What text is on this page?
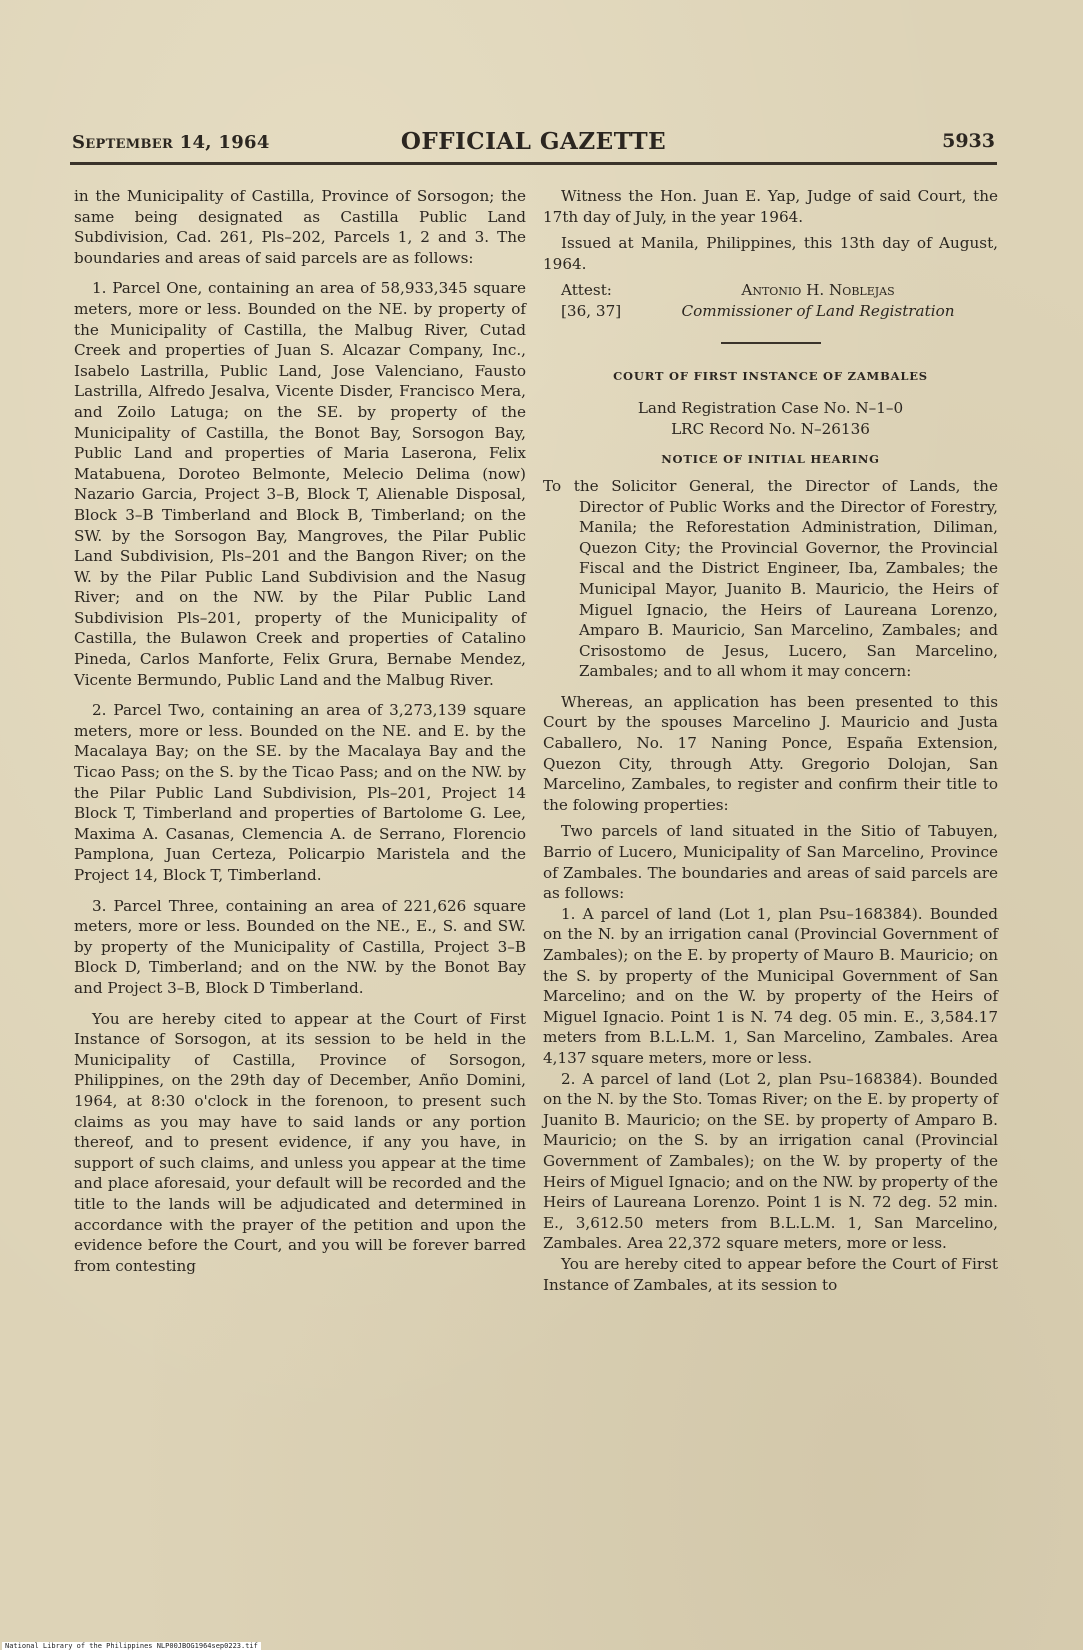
September 14, 1964	OFFICIAL GAZETTE	5933

in the Municipality of Castilla, Province of Sorsogon; the same being designated as Castilla Public Land Subdivision, Cad. 261, Pls–202, Parcels 1, 2 and 3. The boundaries and areas of said parcels are as follows:

1. Parcel One, containing an area of 58,933,345 square meters, more or less. Bounded on the NE. by property of the Municipality of Castilla, the Malbug River, Cutad Creek and properties of Juan S. Alcazar Company, Inc., Isabelo Lastrilla, Public Land, Jose Valenciano, Fausto Lastrilla, Alfredo Jesalva, Vicente Disder, Francisco Mera, and Zoilo Latuga; on the SE. by property of the Municipality of Castilla, the Bonot Bay, Sorsogon Bay, Public Land and properties of Maria Laserona, Felix Matabuena, Doroteo Belmonte, Melecio Delima (now) Nazario Garcia, Project 3–B, Block T, Alienable Disposal, Block 3–B Timberland and Block B, Timberland; on the SW. by the Sorsogon Bay, Mangroves, the Pilar Public Land Subdivision, Pls–201 and the Bangon River; on the W. by the Pilar Public Land Subdivision and the Nasug River; and on the NW. by the Pilar Public Land Subdivision Pls–201, property of the Municipality of Castilla, the Bulawon Creek and properties of Catalino Pineda, Carlos Manforte, Felix Grura, Bernabe Mendez, Vicente Bermundo, Public Land and the Malbug River.

2. Parcel Two, containing an area of 3,273,139 square meters, more or less. Bounded on the NE. and E. by the Macalaya Bay; on the SE. by the Macalaya Bay and the Ticao Pass; on the S. by the Ticao Pass; and on the NW. by the Pilar Public Land Subdivision, Pls–201, Project 14 Block T, Timberland and properties of Bartolome G. Lee, Maxima A. Casanas, Clemencia A. de Serrano, Florencio Pamplona, Juan Certeza, Policarpio Maristela and the Project 14, Block T, Timberland.

3. Parcel Three, containing an area of 221,626 square meters, more or less. Bounded on the NE., E., S. and SW. by property of the Municipality of Castilla, Project 3–B Block D, Timberland; and on the NW. by the Bonot Bay and Project 3–B, Block D Timberland.

You are hereby cited to appear at the Court of First Instance of Sorsogon, at its session to be held in the Municipality of Castilla, Province of Sorsogon, Philippines, on the 29th day of December, Anño Domini, 1964, at 8:30 o'clock in the forenoon, to present such claims as you may have to said lands or any portion thereof, and to present evidence, if any you have, in support of such claims, and unless you appear at the time and place aforesaid, your default will be recorded and the title to the lands will be adjudicated and determined in accordance with the prayer of the petition and upon the evidence before the Court, and you will be forever barred from contesting

Witness the Hon. Juan E. Yap, Judge of said Court, the 17th day of July, in the year 1964.

Issued at Manila, Philippines, this 13th day of August, 1964.

Attest:	Antonio H. Noblejas
[36, 37]	Commissioner of Land Registration

COURT OF FIRST INSTANCE OF ZAMBALES

Land Registration Case No. N–1–0

LRC Record No. N–26136

NOTICE OF INITIAL HEARING

To the Solicitor General, the Director of Lands, the Director of Public Works and the Director of Forestry, Manila; the Reforestation Administration, Diliman, Quezon City; the Provincial Governor, the Provincial Fiscal and the District Engineer, Iba, Zambales; the Municipal Mayor, Juanito B. Mauricio, the Heirs of Miguel Ignacio, the Heirs of Laureana Lorenzo, Amparo B. Mauricio, San Marcelino, Zambales; and Crisostomo de Jesus, Lucero, San Marcelino, Zambales; and to all whom it may concern:

Whereas, an application has been presented to this Court by the spouses Marcelino J. Mauricio and Justa Caballero, No. 17 Naning Ponce, España Extension, Quezon City, through Atty. Gregorio Dolojan, San Marcelino, Zambales, to register and confirm their title to the folowing properties:

Two parcels of land situated in the Sitio of Tabuyen, Barrio of Lucero, Municipality of San Marcelino, Province of Zambales. The boundaries and areas of said parcels are as follows:

1. A parcel of land (Lot 1, plan Psu–168384). Bounded on the N. by an irrigation canal (Provincial Government of Zambales); on the E. by property of Mauro B. Mauricio; on the S. by property of the Municipal Government of San Marcelino; and on the W. by property of the Heirs of Miguel Ignacio. Point 1 is N. 74 deg. 05 min. E., 3,584.17 meters from B.L.L.M. 1, San Marcelino, Zambales. Area 4,137 square meters, more or less.

2. A parcel of land (Lot 2, plan Psu–168384). Bounded on the N. by the Sto. Tomas River; on the E. by property of Juanito B. Mauricio; on the SE. by property of Amparo B. Mauricio; on the S. by an irrigation canal (Provincial Government of Zambales); on the W. by property of the Heirs of Miguel Ignacio; and on the NW. by property of the Heirs of Laureana Lorenzo. Point 1 is N. 72 deg. 52 min. E., 3,612.50 meters from B.L.L.M. 1, San Marcelino, Zambales. Area 22,372 square meters, more or less.

You are hereby cited to appear before the Court of First Instance of Zambales, at its session to

National Library of the Philippines NLP00JBOG1964sep0223.tif
